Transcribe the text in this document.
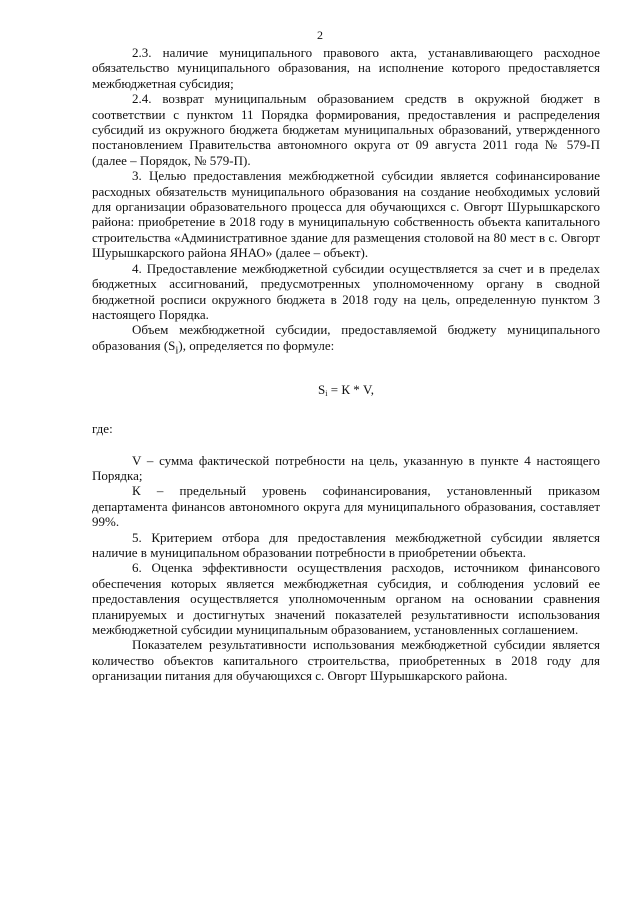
2

2.3. наличие муниципального правового акта, устанавливающего расходное обязательство муниципального образования, на исполнение которого предоставляется межбюджетная субсидия;

2.4. возврат муниципальным образованием средств в окружной бюджет в соответствии с пунктом 11 Порядка формирования, предоставления и распределения субсидий из окружного бюджета бюджетам муниципальных образований, утвержденного постановлением Правительства автономного округа от 09 августа 2011 года № 579-П (далее – Порядок, № 579-П).

3. Целью предоставления межбюджетной субсидии является софинансирование расходных обязательств муниципального образования на создание необходимых условий для организации образовательного процесса для обучающихся с. Овгорт Шурышкарского района: приобретение в 2018 году в муниципальную собственность объекта капитального строительства «Административное здание для размещения столовой на 80 мест в с. Овгорт Шурышкарского района ЯНАО» (далее – объект).

4. Предоставление межбюджетной субсидии осуществляется за счет и в пределах бюджетных ассигнований, предусмотренных уполномоченному органу в сводной бюджетной росписи окружного бюджета в 2018 году на цель, определенную пунктом 3 настоящего Порядка.

Объем межбюджетной субсидии, предоставляемой бюджету муниципального образования $(S_i)$, определяется по формуле:

$S_i = К * V$,

где:

V – сумма фактической потребности на цель, указанную в пункте 4 настоящего Порядка;

К – предельный уровень софинансирования, установленный приказом департамента финансов автономного округа для муниципального образования, составляет 99%.

5. Критерием отбора для предоставления межбюджетной субсидии является наличие в муниципальном образовании потребности в приобретении объекта.

6. Оценка эффективности осуществления расходов, источником финансового обеспечения которых является межбюджетная субсидия, и соблюдения условий ее предоставления осуществляется уполномоченным органом на основании сравнения планируемых и достигнутых значений показателей результативности использования межбюджетной субсидии муниципальным образованием, установленных соглашением.

Показателем результативности использования межбюджетной субсидии является количество объектов капитального строительства, приобретенных в 2018 году для организации питания для обучающихся с. Овгорт Шурышкарского района.
